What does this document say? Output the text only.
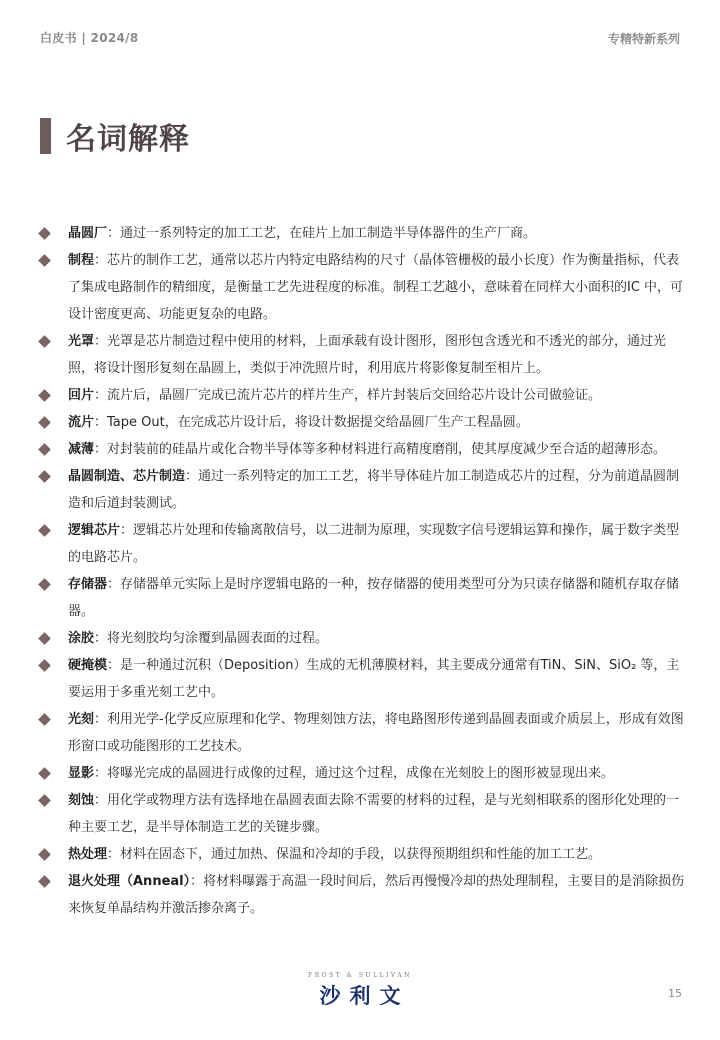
白皮书 | 2024/8	专精特新系列
名词解释
晶圆厂：通过一系列特定的加工工艺，在硅片上加工制造半导体器件的生产厂商。
制程：芯片的制作工艺，通常以芯片内特定电路结构的尺寸（晶体管栅极的最小长度）作为衡量指标，代表了集成电路制作的精细度，是衡量工艺先进程度的标准。制程工艺越小，意味着在同样大小面积的IC 中，可设计密度更高、功能更复杂的电路。
光罩：光罩是芯片制造过程中使用的材料，上面承载有设计图形，图形包含透光和不透光的部分，通过光照，将设计图形复刻在晶圆上，类似于冲洗照片时，利用底片将影像复制至相片上。
回片：流片后，晶圆厂完成已流片芯片的样片生产，样片封装后交回给芯片设计公司做验证。
流片：Tape Out，在完成芯片设计后，将设计数据提交给晶圆厂生产工程晶圆。
减薄：对封装前的硅晶片或化合物半导体等多种材料进行高精度磨削，使其厚度减少至合适的超薄形态。
晶圆制造、芯片制造：通过一系列特定的加工工艺，将半导体硅片加工制造成芯片的过程，分为前道晶圆制造和后道封装测试。
逻辑芯片：逻辑芯片处理和传输离散信号，以二进制为原理，实现数字信号逻辑运算和操作，属于数字类型的电路芯片。
存储器：存储器单元实际上是时序逻辑电路的一种，按存储器的使用类型可分为只读存储器和随机存取存储器。
涂胶：将光刻胶均匀涂覆到晶圆表面的过程。
硬掩模：是一种通过沉积（Deposition）生成的无机薄膜材料，其主要成分通常有TiN、SiN、SiO₂ 等，主要运用于多重光刻工艺中。
光刻：利用光学-化学反应原理和化学、物理刻蚀方法，将电路图形传递到晶圆表面或介质层上，形成有效图形窗口或功能图形的工艺技术。
显影：将曝光完成的晶圆进行成像的过程，通过这个过程，成像在光刻胶上的图形被显现出来。
刻蚀：用化学或物理方法有选择地在晶圆表面去除不需要的材料的过程，是与光刻相联系的图形化处理的一种主要工艺，是半导体制造工艺的关键步骤。
热处理：材料在固态下，通过加热、保温和冷却的手段，以获得预期组织和性能的加工工艺。
退火处理（Anneal）：将材料曝露于高温一段时间后，然后再慢慢冷却的热处理制程，主要目的是消除损伤来恢复单晶结构并激活掺杂离子。
FROST & SULLIVAN
沙利文	15
